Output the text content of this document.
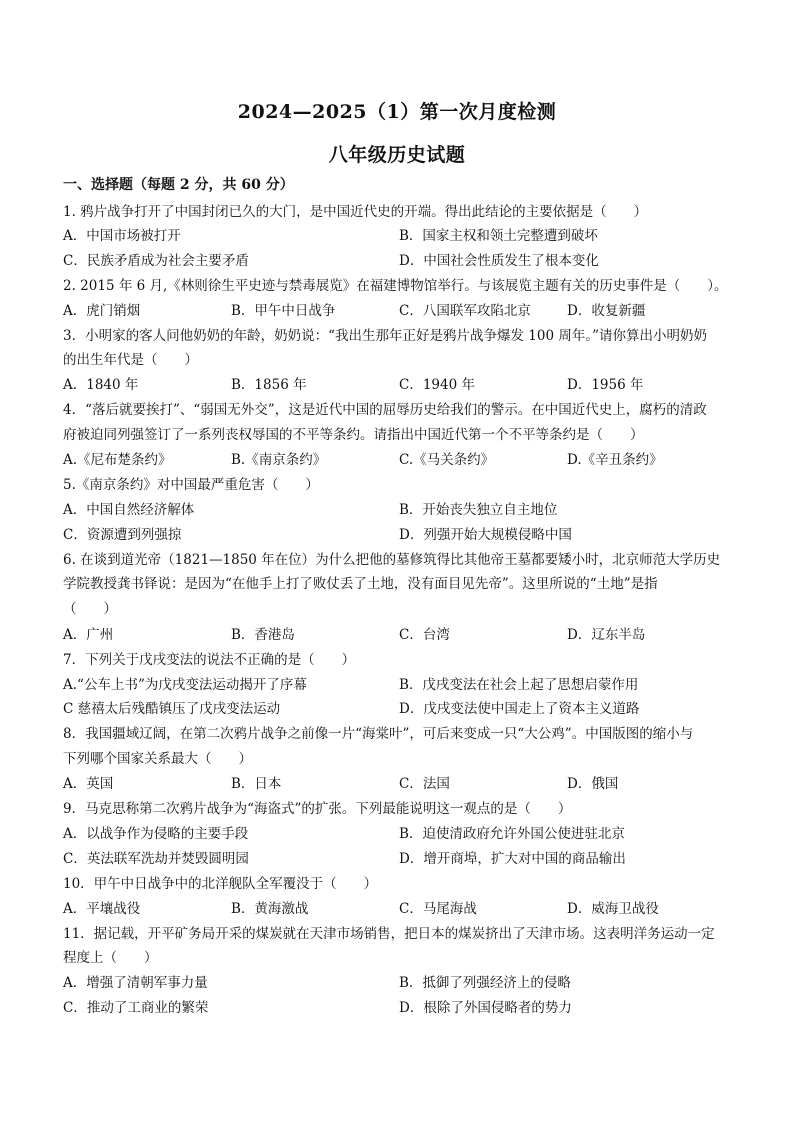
2024—2025（1）第一次月度检测
八年级历史试题
一、选择题（每题 2 分，共 60 分）
1. 鸦片战争打开了中国封闭已久的大门，是中国近代史的开端。得出此结论的主要依据是（　　）
A．中国市场被打开	B．国家主权和领土完整遭到破坏
C．民族矛盾成为社会主要矛盾	D．中国社会性质发生了根本变化
2. 2015 年 6 月,《林则徐生平史迹与禁毒展览》在福建博物馆举行。与该展览主题有关的历史事件是（　　）。
A．虎门销烟	B．甲午中日战争	C．八国联军攻陷北京	D．收复新疆
3．小明家的客人问他奶奶的年龄，奶奶说：“我出生那年正好是鸦片战争爆发 100 周年。”请你算出小明奶奶
的出生年代是（　　）
A．1840 年	B．1856 年	C．1940 年	D．1956 年
4．“落后就要挨打”、“弱国无外交”，这是近代中国的屈辱历史给我们的警示。在中国近代史上，腐朽的清政
府被迫同列强签订了一系列丧权辱国的不平等条约。请指出中国近代第一个不平等条约是（　　）
A.《尼布楚条约》	B.《南京条约》	C.《马关条约》	D.《辛丑条约》
5.《南京条约》对中国最严重危害（　　）
A．中国自然经济解体	B．开始丧失独立自主地位
C．资源遭到列强掠	D．列强开始大规模侵略中国
6. 在谈到道光帝（1821—1850 年在位）为什么把他的墓修筑得比其他帝王墓都要矮小时，北京师范大学历史
学院教授龚书铎说：是因为“在他手上打了败仗丢了土地，没有面目见先帝”。这里所说的“土地”是指
（　　）
A．广州	B．香港岛	C．台湾	D．辽东半岛
7．下列关于戊戌变法的说法不正确的是（　　）
A.“公车上书”为戊戌变法运动揭开了序幕	B．戊戌变法在社会上起了思想启蒙作用
C 慈禧太后残酷镇压了戊戌变法运动	D．戊戌变法使中国走上了资本主义道路
8．我国疆域辽阔，在第二次鸦片战争之前像一片“海棠叶”，可后来变成一只“大公鸡”。中国版图的缩小与
下列哪个国家关系最大（　　）
A．英国	B．日本	C．法国	D．俄国
9．马克思称第二次鸦片战争为“海盗式”的扩张。下列最能说明这一观点的是（　　）
A．以战争作为侵略的主要手段	B．迫使清政府允许外国公使进驻北京
C．英法联军洗劫并焚毁圆明园	D．增开商埠，扩大对中国的商品输出
10．甲午中日战争中的北洋舰队全军覆没于（　　）
A．平壤战役	B．黄海激战	C．马尾海战	D．威海卫战役
11．据记载，开平矿务局开采的煤炭就在天津市场销售，把日本的煤炭挤出了天津市场。这表明洋务运动一定
程度上（　　）
A．增强了清朝军事力量	B．抵御了列强经济上的侵略
C．推动了工商业的繁荣	D．根除了外国侵略者的势力
